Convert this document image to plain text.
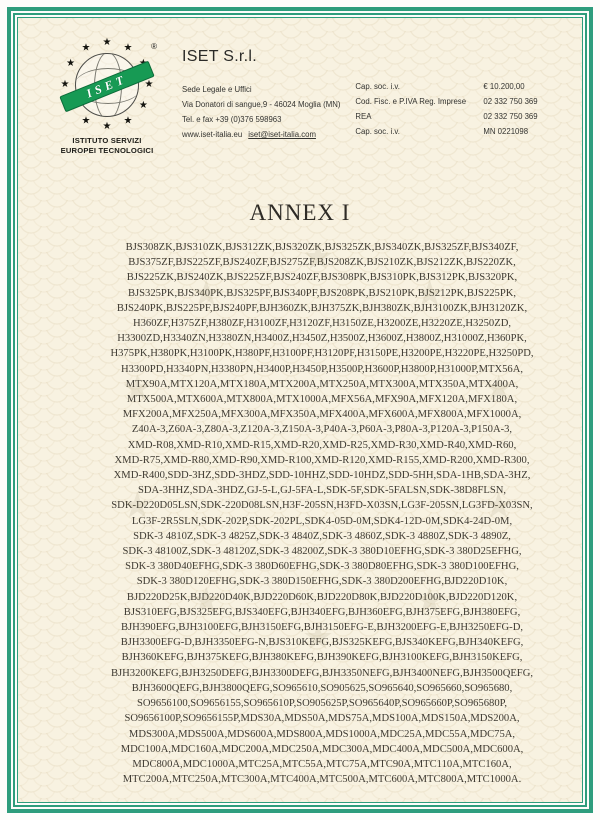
★
★
★
★
★
★
★
★
★
★
★
★
★
★
★
★
★
★
★
★
ISET
®
ISTITUTO SERVIZI
EUROPEI TECNOLOGICI
ISET S.r.l.
Sede Legale e Uffici
Via Donatori di sangue,9 - 46024 Moglia (MN)
Tel. e fax +39 (0)376 598963
www.iset-italia.eu iset@iset-italia.com
Cap. soc. i.v.	€ 10.200,00
Cod. Fisc. e P.IVA Reg. Imprese	02 332 750 369
REA	02 332 750 369
Cap. soc. i.v.	MN 0221098
ANNEX I
BJS308ZK,BJS310ZK,BJS312ZK,BJS320ZK,BJS325ZK,BJS340ZK,BJS325ZF,BJS340ZF,
BJS375ZF,BJS225ZF,BJS240ZF,BJS275ZF,BJS208ZK,BJS210ZK,BJS212ZK,BJS220ZK,
BJS225ZK,BJS240ZK,BJS225ZF,BJS240ZF,BJS308PK,BJS310PK,BJS312PK,BJS320PK,
BJS325PK,BJS340PK,BJS325PF,BJS340PF,BJS208PK,BJS210PK,BJS212PK,BJS225PK,
BJS240PK,BJS225PF,BJS240PF,BJH360ZK,BJH375ZK,BJH380ZK,BJH3100ZK,BJH3120ZK,
H360ZF,H375ZF,H380ZF,H3100ZF,H3120ZF,H3150ZE,H3200ZE,H3220ZE,H3250ZD,
H3300ZD,H3340ZN,H3380ZN,H3400Z,H3450Z,H3500Z,H3600Z,H3800Z,H31000Z,H360PK,
H375PK,H380PK,H3100PK,H380PF,H3100PF,H3120PF,H3150PE,H3200PE,H3220PE,H3250PD,
H3300PD,H3340PN,H3380PN,H3400P,H3450P,H3500P,H3600P,H3800P,H31000P,MTX56A,
MTX90A,MTX120A,MTX180A,MTX200A,MTX250A,MTX300A,MTX350A,MTX400A,
MTX500A,MTX600A,MTX800A,MTX1000A,MFX56A,MFX90A,MFX120A,MFX180A,
MFX200A,MFX250A,MFX300A,MFX350A,MFX400A,MFX600A,MFX800A,MFX1000A,
Z40A-3,Z60A-3,Z80A-3,Z120A-3,Z150A-3,P40A-3,P60A-3,P80A-3,P120A-3,P150A-3,
XMD-R08,XMD-R10,XMD-R15,XMD-R20,XMD-R25,XMD-R30,XMD-R40,XMD-R60,
XMD-R75,XMD-R80,XMD-R90,XMD-R100,XMD-R120,XMD-R155,XMD-R200,XMD-R300,
XMD-R400,SDD-3HZ,SDD-3HDZ,SDD-10HHZ,SDD-10HDZ,SDD-5HH,SDA-1HB,SDA-3HZ,
SDA-3HHZ,SDA-3HDZ,GJ-5-L,GJ-5FA-L,SDK-5F,SDK-5FALSN,SDK-38D8FLSN,
SDK-D220D05LSN,SDK-220D08LSN,H3F-205SN,H3FD-X03SN,LG3F-205SN,LG3FD-X03SN,
LG3F-2R5SLN,SDK-202P,SDK-202PL,SDK4-05D-0M,SDK4-12D-0M,SDK4-24D-0M,
SDK-3 4810Z,SDK-3 4825Z,SDK-3 4840Z,SDK-3 4860Z,SDK-3 4880Z,SDK-3 4890Z,
SDK-3 48100Z,SDK-3 48120Z,SDK-3 48200Z,SDK-3 380D10EFHG,SDK-3 380D25EFHG,
SDK-3 380D40EFHG,SDK-3 380D60EFHG,SDK-3 380D80EFHG,SDK-3 380D100EFHG,
SDK-3 380D120EFHG,SDK-3 380D150EFHG,SDK-3 380D200EFHG,BJD220D10K,
BJD220D25K,BJD220D40K,BJD220D60K,BJD220D80K,BJD220D100K,BJD220D120K,
BJS310EFG,BJS325EFG,BJS340EFG,BJH340EFG,BJH360EFG,BJH375EFG,BJH380EFG,
BJH390EFG,BJH3100EFG,BJH3150EFG,BJH3150EFG-E,BJH3200EFG-E,BJH3250EFG-D,
BJH3300EFG-D,BJH3350EFG-N,BJS310KEFG,BJS325KEFG,BJS340KEFG,BJH340KEFG,
BJH360KEFG,BJH375KEFG,BJH380KEFG,BJH390KEFG,BJH3100KEFG,BJH3150KEFG,
BJH3200KEFG,BJH3250DEFG,BJH3300DEFG,BJH3350NEFG,BJH3400NEFG,BJH3500QEFG,
BJH3600QEFG,BJH3800QEFG,SO965610,SO905625,SO965640,SO965660,SO965680,
SO9656100,SO9656155,SO965610P,SO905625P,SO965640P,SO965660P,SO965680P,
SO9656100P,SO9656155P,MDS30A,MDS50A,MDS75A,MDS100A,MDS150A,MDS200A,
MDS300A,MDS500A,MDS600A,MDS800A,MDS1000A,MDC25A,MDC55A,MDC75A,
MDC100A,MDC160A,MDC200A,MDC250A,MDC300A,MDC400A,MDC500A,MDC600A,
MDC800A,MDC1000A,MTC25A,MTC55A,MTC75A,MTC90A,MTC110A,MTC160A,
MTC200A,MTC250A,MTC300A,MTC400A,MTC500A,MTC600A,MTC800A,MTC1000A.
